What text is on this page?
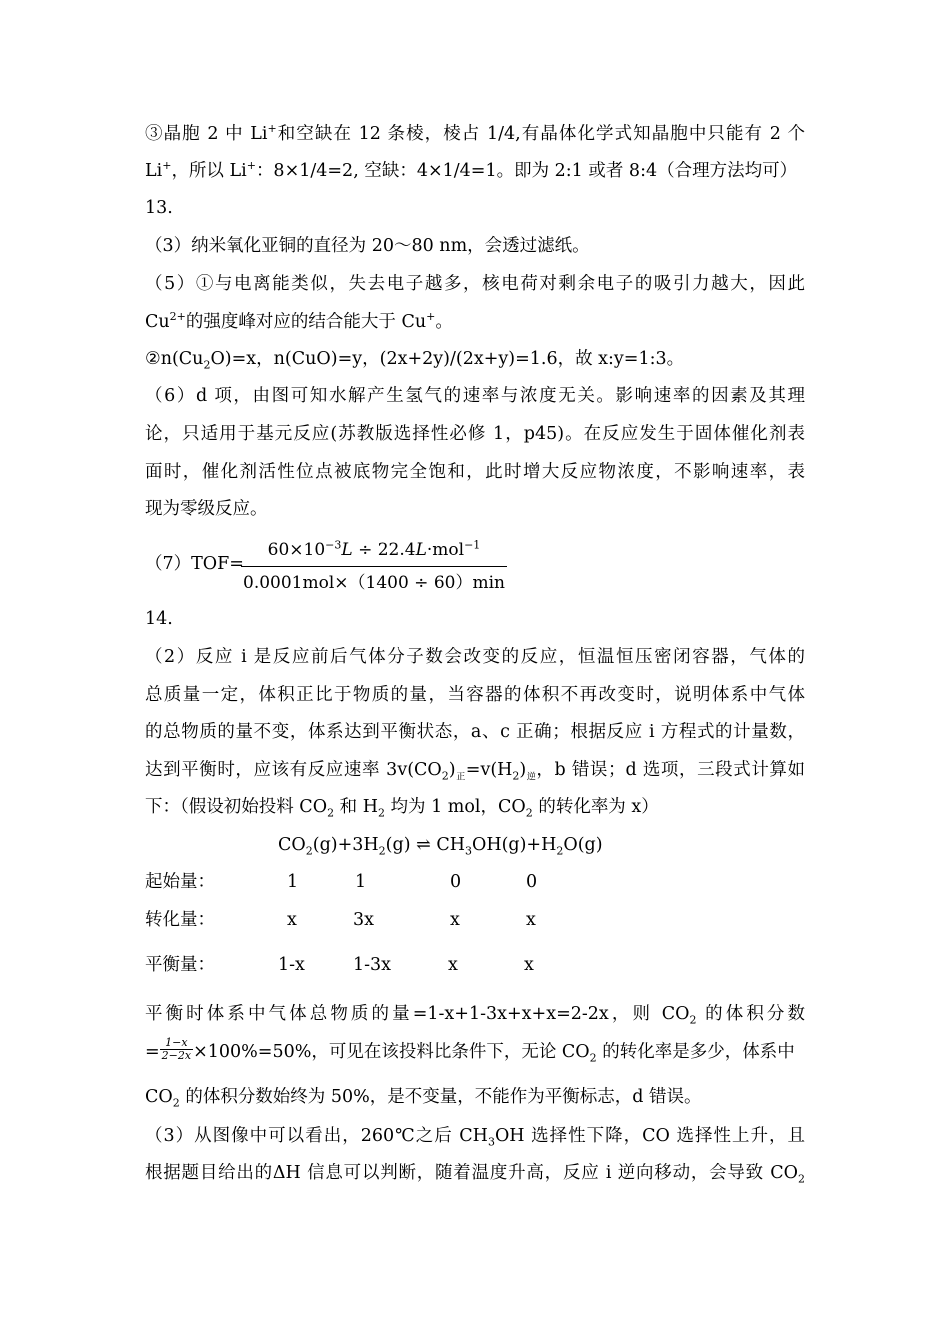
③晶胞 2 中 Li+和空缺在 12 条棱，棱占 1/4,有晶体化学式知晶胞中只能有 2 个
Li+，所以 Li+：8×1/4=2, 空缺：4×1/4=1。即为 2:1 或者 8:4（合理方法均可）
13.
（3）纳米氧化亚铜的直径为 20～80 nm，会透过滤纸。
（5）①与电离能类似，失去电子越多，核电荷对剩余电子的吸引力越大，因此
$Cu^{2+}$的强度峰对应的结合能大于 Cu+。
$②n(Cu_2O)=x$，n(CuO)=y，(2x+2y)/(2x+y)=1.6，故 x:y=1:3。
（6）d 项，由图可知水解产生氢气的速率与浓度无关。影响速率的因素及其理
论，只适用于基元反应(苏教版选择性必修 1，p45)。在反应发生于固体催化剂表
面时，催化剂活性位点被底物完全饱和，此时增大反应物浓度，不影响速率，表
现为零级反应。
（7）TOF=
$60\times 10^{-3}L \div 22.4L\cdot mol^{-1}$
0.0001mol×（1400 ÷ 60）min
14.
（2）反应 i 是反应前后气体分子数会改变的反应，恒温恒压密闭容器，气体的
总质量一定，体积正比于物质的量，当容器的体积不再改变时，说明体系中气体
的总物质的量不变，体系达到平衡状态，a、c 正确；根据反应 i 方程式的计量数，
达到平衡时，应该有反应速率 $3v(CO_2)_正=v(H_2)_逆$，b 错误；d 选项，三段式计算如
下：（假设初始投料 $CO_2$ 和 $H_2$ 均为 1 mol，$CO_2$ 的转化率为 x）
$CO_2(g)+3H_2(g)$ ⇌ $CH_3OH(g)+H_2O(g)$
起始量：	1	1	0	0
转化量：	x	3x	x	x
平衡量：	1-x	1-3x	x	x
平衡时体系中气体总物质的量=1-x+1-3x+x+x=2-2x，则 $CO_2$ 的体积分数
= $\frac{1-x}{2-2x} \times 100\%=50\%$，可见在该投料比条件下，无论 $CO_2$ 的转化率是多少，体系中
$CO_2$ 的体积分数始终为 50%，是不变量，不能作为平衡标志，d 错误。
（3）从图像中可以看出，260℃之后 $CH_3OH$ 选择性下降，CO 选择性上升，且
根据题目给出的ΔH 信息可以判断，随着温度升高，反应 i 逆向移动，会导致 $CO_2$
